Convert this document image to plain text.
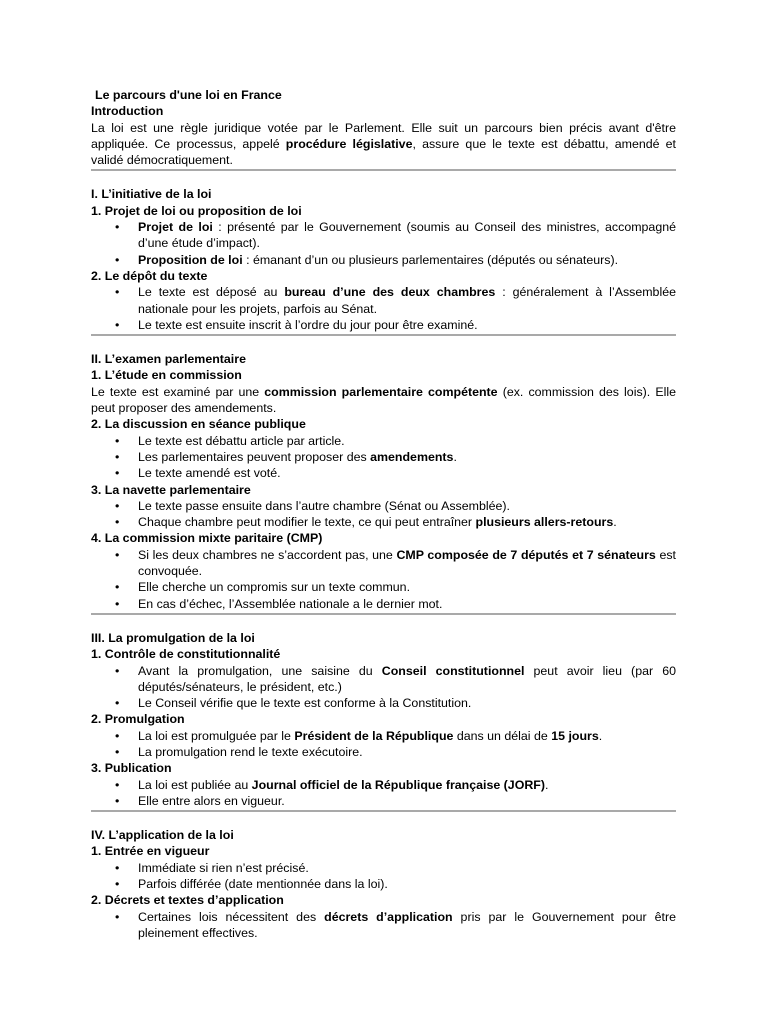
Le parcours d'une loi en France
Introduction

La loi est une règle juridique votée par le Parlement. Elle suit un parcours bien précis avant d'être appliquée. Ce processus, appelé procédure législative, assure que le texte est débattu, amendé et validé démocratiquement.

I. L’initiative de la loi
1. Projet de loi ou proposition de loi
• Projet de loi : présenté par le Gouvernement (soumis au Conseil des ministres, accompagné d’une étude d’impact).
• Proposition de loi : émanant d’un ou plusieurs parlementaires (députés ou sénateurs).
2. Le dépôt du texte
• Le texte est déposé au bureau d’une des deux chambres : généralement à l’Assemblée nationale pour les projets, parfois au Sénat.
• Le texte est ensuite inscrit à l’ordre du jour pour être examiné.
II. L’examen parlementaire
1. L’étude en commission

Le texte est examiné par une commission parlementaire compétente (ex. commission des lois). Elle peut proposer des amendements.

2. La discussion en séance publique
• Le texte est débattu article par article.
• Les parlementaires peuvent proposer des amendements.
• Le texte amendé est voté.
3. La navette parlementaire
• Le texte passe ensuite dans l’autre chambre (Sénat ou Assemblée).
• Chaque chambre peut modifier le texte, ce qui peut entraîner plusieurs allers-retours.
4. La commission mixte paritaire (CMP)
• Si les deux chambres ne s’accordent pas, une CMP composée de 7 députés et 7 sénateurs est convoquée.
• Elle cherche un compromis sur un texte commun.
• En cas d’échec, l’Assemblée nationale a le dernier mot.
III. La promulgation de la loi
1. Contrôle de constitutionnalité
• Avant la promulgation, une saisine du Conseil constitutionnel peut avoir lieu (par 60 députés/sénateurs, le président, etc.)
• Le Conseil vérifie que le texte est conforme à la Constitution.
2. Promulgation
• La loi est promulguée par le Président de la République dans un délai de 15 jours.
• La promulgation rend le texte exécutoire.
3. Publication
• La loi est publiée au Journal officiel de la République française (JORF).
• Elle entre alors en vigueur.
IV. L’application de la loi
1. Entrée en vigueur
• Immédiate si rien n’est précisé.
• Parfois différée (date mentionnée dans la loi).
2. Décrets et textes d’application
• Certaines lois nécessitent des décrets d’application pris par le Gouvernement pour être pleinement effectives.
